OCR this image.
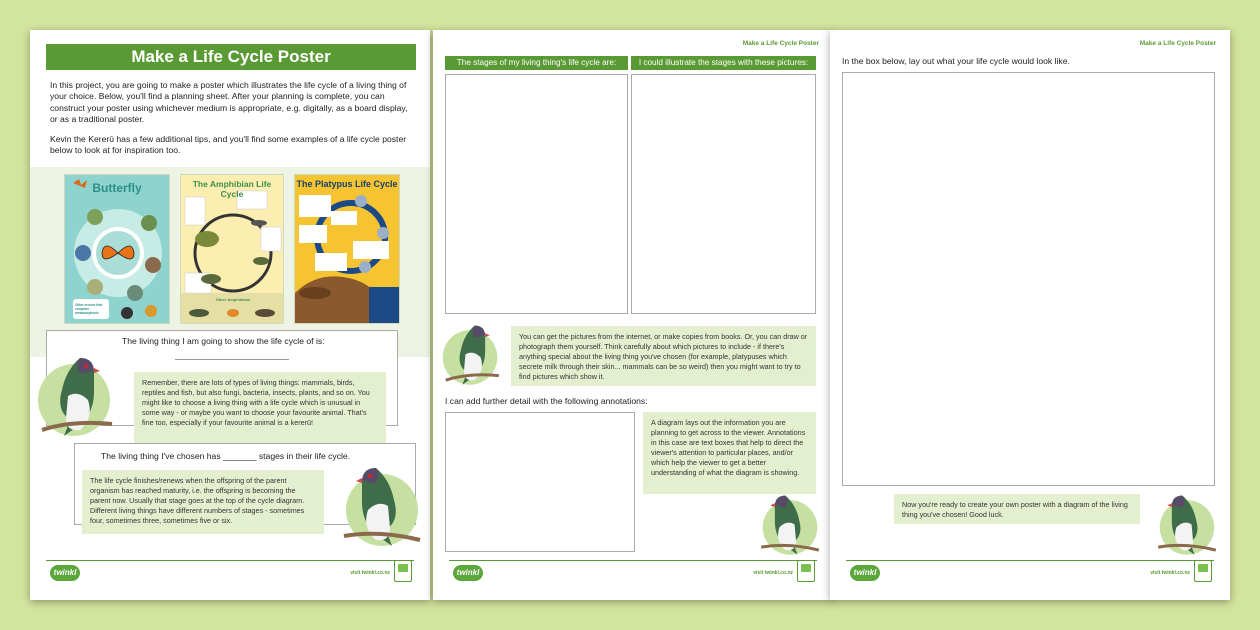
Make a Life Cycle Poster
In this project, you are going to make a poster which illustrates the life cycle of a living thing of your choice. Below, you'll find a planning sheet. After your planning is complete, you can construct your poster using whichever medium is appropriate, e.g. digitally, as a board display, or as a traditional poster.
Kevin the Kererū has a few additional tips, and you'll find some examples of a life cycle poster below to look at for inspiration too.
Butterfly
Other insects that complete metamorphosis
The Amphibian Life Cycle
Other Amphibians
The Platypus Life Cycle
The living thing I am going to show the life cycle of is:
Remember, there are lots of types of living things: mammals, birds, reptiles and fish, but also fungi, bacteria, insects, plants, and so on. You might like to choose a living thing with a life cycle which is unusual in some way - or maybe you want to choose your favourite animal. That's fine too, especially if your favourite animal is a kererū!
The living thing I've chosen has _______ stages in their life cycle.
The life cycle finishes/renews when the offspring of the parent organism has reached maturity, i.e. the offspring is becoming the parent now. Usually that stage goes at the top of the cycle diagram. Different living things have different numbers of stages - sometimes four, sometimes three, sometimes five or six.
twinkl	visit twinkl.co.nz
Make a Life Cycle Poster
The stages of my living thing's life cycle are:	I could illustrate the stages with these pictures:
You can get the pictures from the internet, or make copies from books. Or, you can draw or photograph them yourself. Think carefully about which pictures to include - if there's anything special about the living thing you've chosen (for example, platypuses which secrete milk through their skin... mammals can be so weird) then you might want to try to find pictures which show it.
I can add further detail with the following annotations:
A diagram lays out the information you are planning to get across to the viewer. Annotations in this case are text boxes that help to direct the viewer's attention to particular places, and/or which help the viewer to get a better understanding of what the diagram is showing.
twinkl	visit twinkl.co.nz
Make a Life Cycle Poster
In the box below, lay out what your life cycle would look like.
Now you're ready to create your own poster with a diagram of the living thing you've chosen! Good luck.
twinkl	visit twinkl.co.nz
